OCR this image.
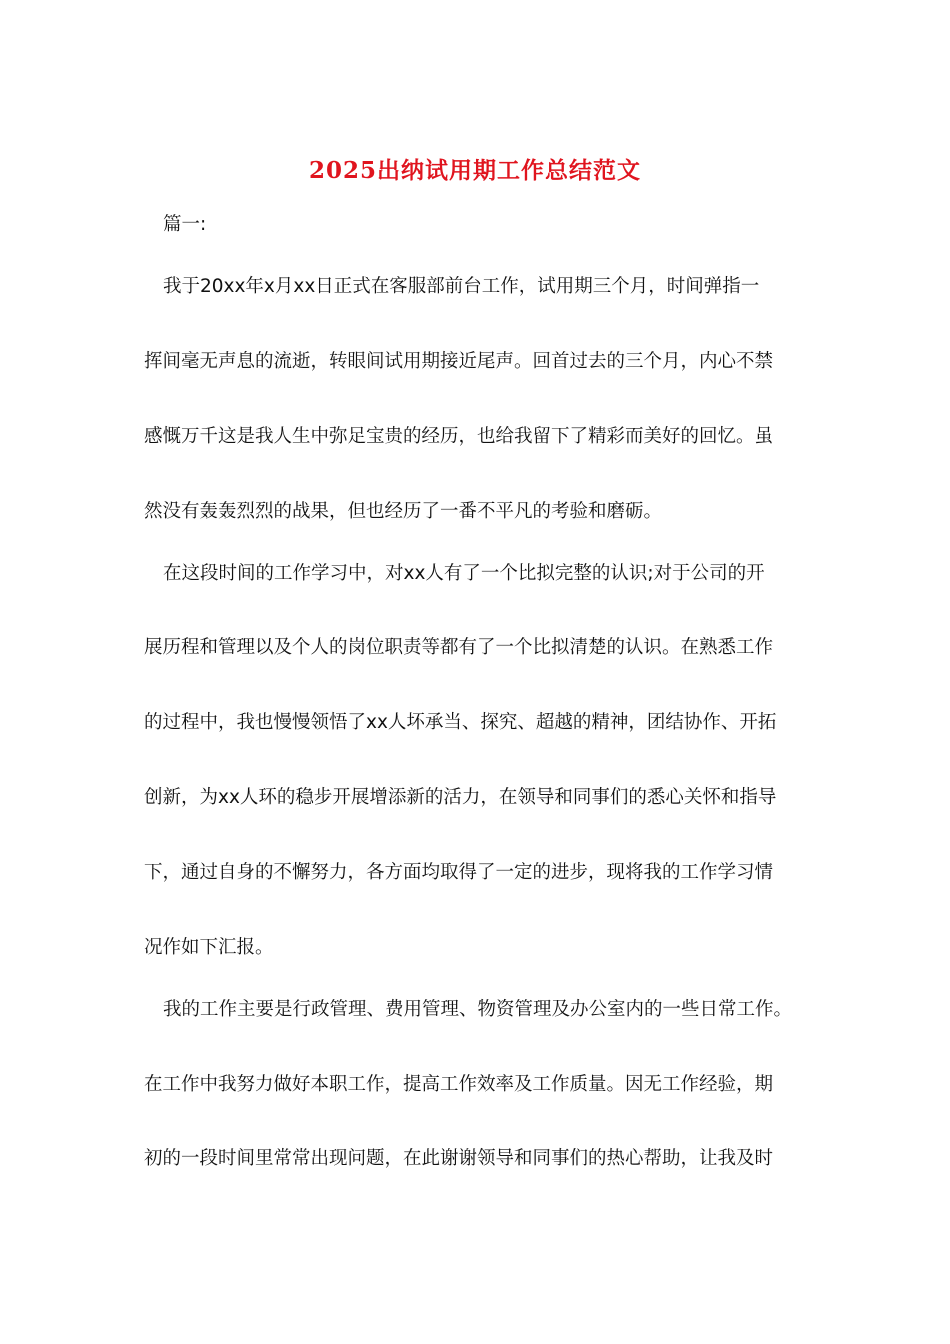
2025出纳试用期工作总结范文
篇一:
我于20xx年x月xx日正式在客服部前台工作，试用期三个月，时间弹指一
挥间毫无声息的流逝，转眼间试用期接近尾声。回首过去的三个月，内心不禁
感慨万千这是我人生中弥足宝贵的经历，也给我留下了精彩而美好的回忆。虽
然没有轰轰烈烈的战果，但也经历了一番不平凡的考验和磨砺。
在这段时间的工作学习中，对xx人有了一个比拟完整的认识;对于公司的开
展历程和管理以及个人的岗位职责等都有了一个比拟清楚的认识。在熟悉工作
的过程中，我也慢慢领悟了xx人坏承当、探究、超越的精神，团结协作、开拓
创新，为xx人环的稳步开展增添新的活力，在领导和同事们的悉心关怀和指导
下，通过自身的不懈努力，各方面均取得了一定的进步，现将我的工作学习情
况作如下汇报。
我的工作主要是行政管理、费用管理、物资管理及办公室内的一些日常工作。
在工作中我努力做好本职工作，提高工作效率及工作质量。因无工作经验，期
初的一段时间里常常出现问题，在此谢谢领导和同事们的热心帮助，让我及时
